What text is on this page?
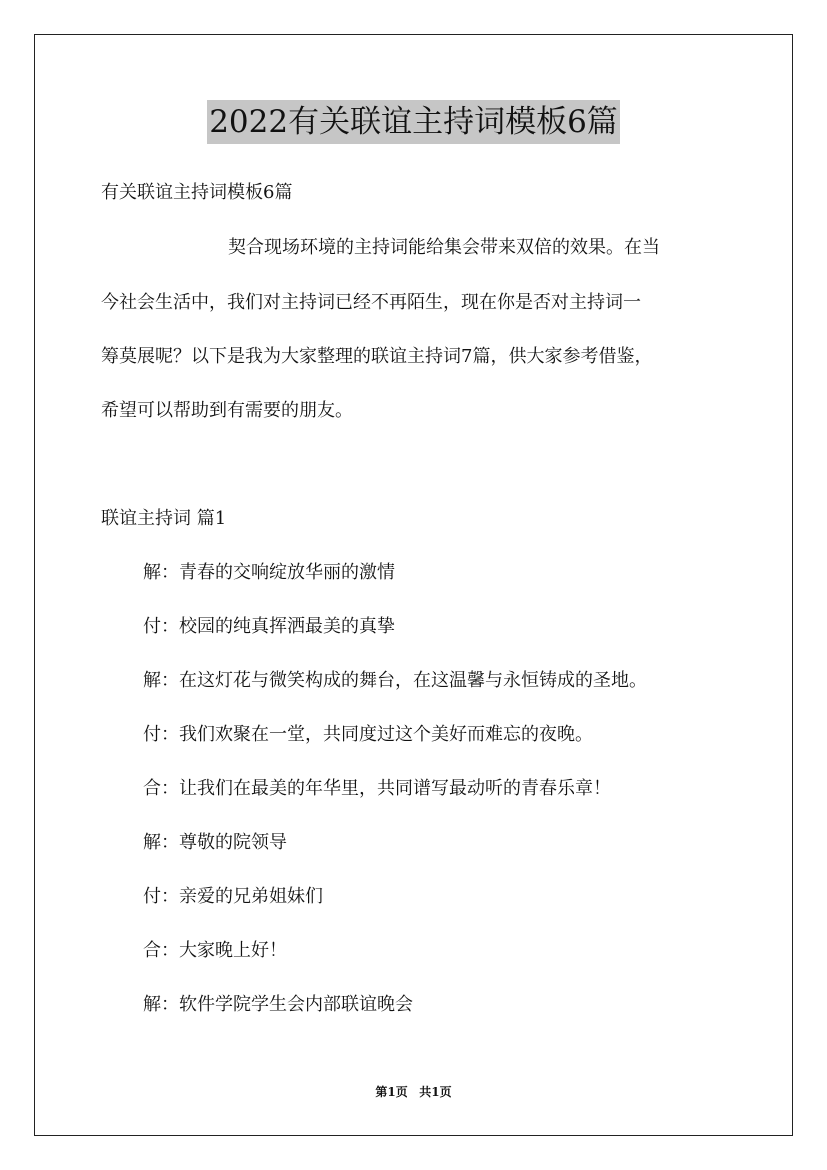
2022有关联谊主持词模板6篇
有关联谊主持词模板6篇
契合现场环境的主持词能给集会带来双倍的效果。在当
今社会生活中，我们对主持词已经不再陌生，现在你是否对主持词一
筹莫展呢？以下是我为大家整理的联谊主持词7篇，供大家参考借鉴，
希望可以帮助到有需要的朋友。
联谊主持词 篇1
解：青春的交响绽放华丽的激情
付：校园的纯真挥洒最美的真挚
解：在这灯花与微笑构成的舞台，在这温馨与永恒铸成的圣地。
付：我们欢聚在一堂，共同度过这个美好而难忘的夜晚。
合：让我们在最美的年华里，共同谱写最动听的青春乐章！
解：尊敬的院领导
付：亲爱的兄弟姐妹们
合：大家晚上好！
解：软件学院学生会内部联谊晚会
第1页 共1页
